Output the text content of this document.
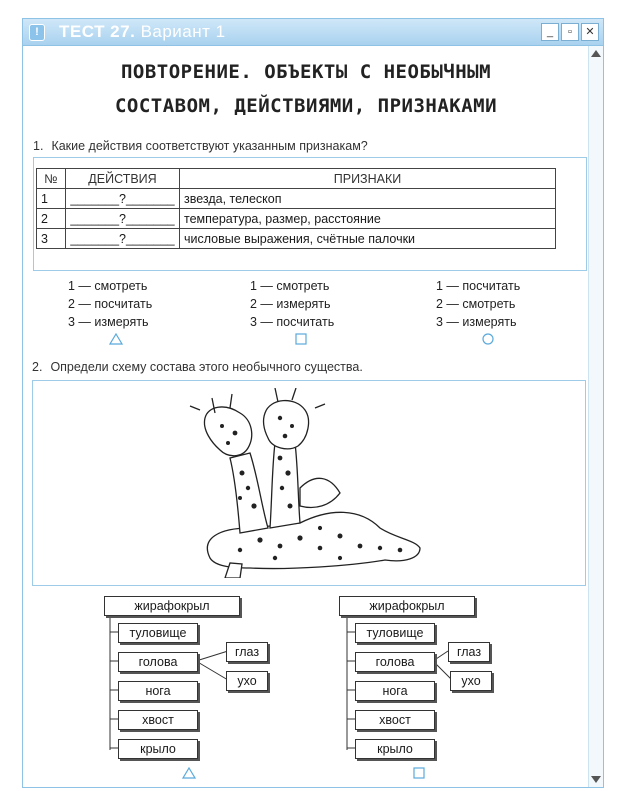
!	ТЕСТ 27. Вариант 1	_	▫	✕
ПОВТОРЕНИЕ. ОБЪЕКТЫ С НЕОБЫЧНЫМ
СОСТАВОМ, ДЕЙСТВИЯМИ, ПРИЗНАКАМИ
1. Какие действия соответствуют указанным признакам?
№	ДЕЙСТВИЯ	ПРИЗНАКИ
1	_______?_______	звезда, телескоп
2	_______?_______	температура, размер, расстояние
3	_______?_______	числовые выражения, счётные палочки
1 — смотреть
2 — посчитать
3 — измерять
1 — смотреть
2 — измерять
3 — посчитать
1 — посчитать
2 — смотреть
3 — измерять
2. Определи схему состава этого необычного существа.
жирафокрыл
туловище
голова
нога
хвост
крыло
глаз
ухо
жирафокрыл
туловище
голова
нога
хвост
крыло
глаз
ухо
